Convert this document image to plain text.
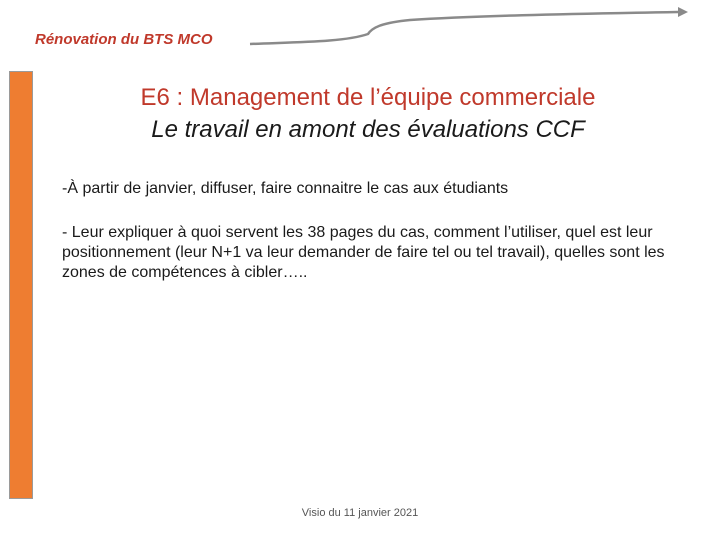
Rénovation du BTS MCO
E6 : Management de l’équipe commerciale
Le travail en amont des évaluations CCF
-À partir de janvier, diffuser, faire connaitre le cas aux étudiants
- Leur expliquer à quoi servent les 38 pages du cas, comment l’utiliser, quel est leur positionnement (leur N+1 va leur demander de faire tel ou tel travail), quelles sont les zones de compétences à cibler…..
Visio du 11 janvier 2021
